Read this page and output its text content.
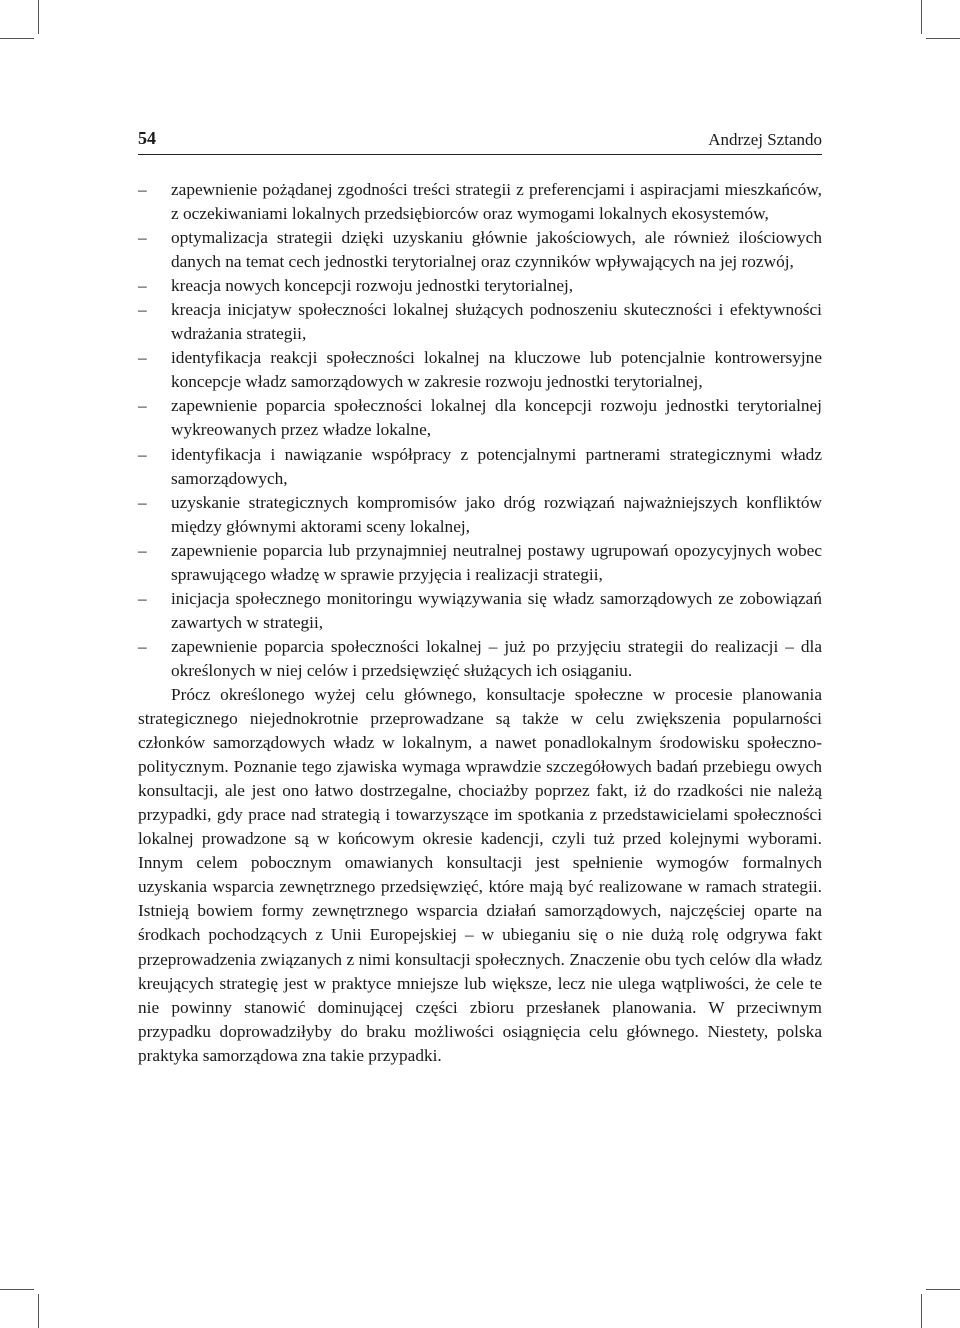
54	Andrzej Sztando
– zapewnienie pożądanej zgodności treści strategii z preferencjami i aspiracjami mieszkańców, z oczekiwaniami lokalnych przedsiębiorców oraz wymogami lokalnych ekosystemów,
– optymalizacja strategii dzięki uzyskaniu głównie jakościowych, ale również ilościowych danych na temat cech jednostki terytorialnej oraz czynników wpływających na jej rozwój,
– kreacja nowych koncepcji rozwoju jednostki terytorialnej,
– kreacja inicjatyw społeczności lokalnej służących podnoszeniu skuteczności i efektywności wdrażania strategii,
– identyfikacja reakcji społeczności lokalnej na kluczowe lub potencjalnie kontrowersyjne koncepcje władz samorządowych w zakresie rozwoju jednostki terytorialnej,
– zapewnienie poparcia społeczności lokalnej dla koncepcji rozwoju jednostki terytorialnej wykreowanych przez władze lokalne,
– identyfikacja i nawiązanie współpracy z potencjalnymi partnerami strategicznymi władz samorządowych,
– uzyskanie strategicznych kompromisów jako dróg rozwiązań najważniejszych konfliktów między głównymi aktorami sceny lokalnej,
– zapewnienie poparcia lub przynajmniej neutralnej postawy ugrupowań opozycyjnych wobec sprawującego władzę w sprawie przyjęcia i realizacji strategii,
– inicjacja społecznego monitoringu wywiązywania się władz samorządowych ze zobowiązań zawartych w strategii,
– zapewnienie poparcia społeczności lokalnej – już po przyjęciu strategii do realizacji – dla określonych w niej celów i przedsięwzięć służących ich osiąganiu.

Prócz określonego wyżej celu głównego, konsultacje społeczne w procesie planowania strategicznego niejednokrotnie przeprowadzane są także w celu zwiększenia popularności członków samorządowych władz w lokalnym, a nawet ponadlokalnym środowisku społeczno-politycznym. Poznanie tego zjawiska wymaga wprawdzie szczegółowych badań przebiegu owych konsultacji, ale jest ono łatwo dostrzegalne, chociażby poprzez fakt, iż do rzadkości nie należą przypadki, gdy prace nad strategią i towarzyszące im spotkania z przedstawicielami społeczności lokalnej prowadzone są w końcowym okresie kadencji, czyli tuż przed kolejnymi wyborami. Innym celem pobocznym omawianych konsultacji jest spełnienie wymogów formalnych uzyskania wsparcia zewnętrznego przedsięwzięć, które mają być realizowane w ramach strategii. Istnieją bowiem formy zewnętrznego wsparcia działań samorządowych, najczęściej oparte na środkach pochodzących z Unii Europejskiej – w ubieganiu się o nie dużą rolę odgrywa fakt przeprowadzenia związanych z nimi konsultacji społecznych. Znaczenie obu tych celów dla władz kreujących strategię jest w praktyce mniejsze lub większe, lecz nie ulega wątpliwości, że cele te nie powinny stanowić dominującej części zbioru przesłanek planowania. W przeciwnym przypadku doprowadziłyby do braku możliwości osiągnięcia celu głównego. Niestety, polska praktyka samorządowa zna takie przypadki.
